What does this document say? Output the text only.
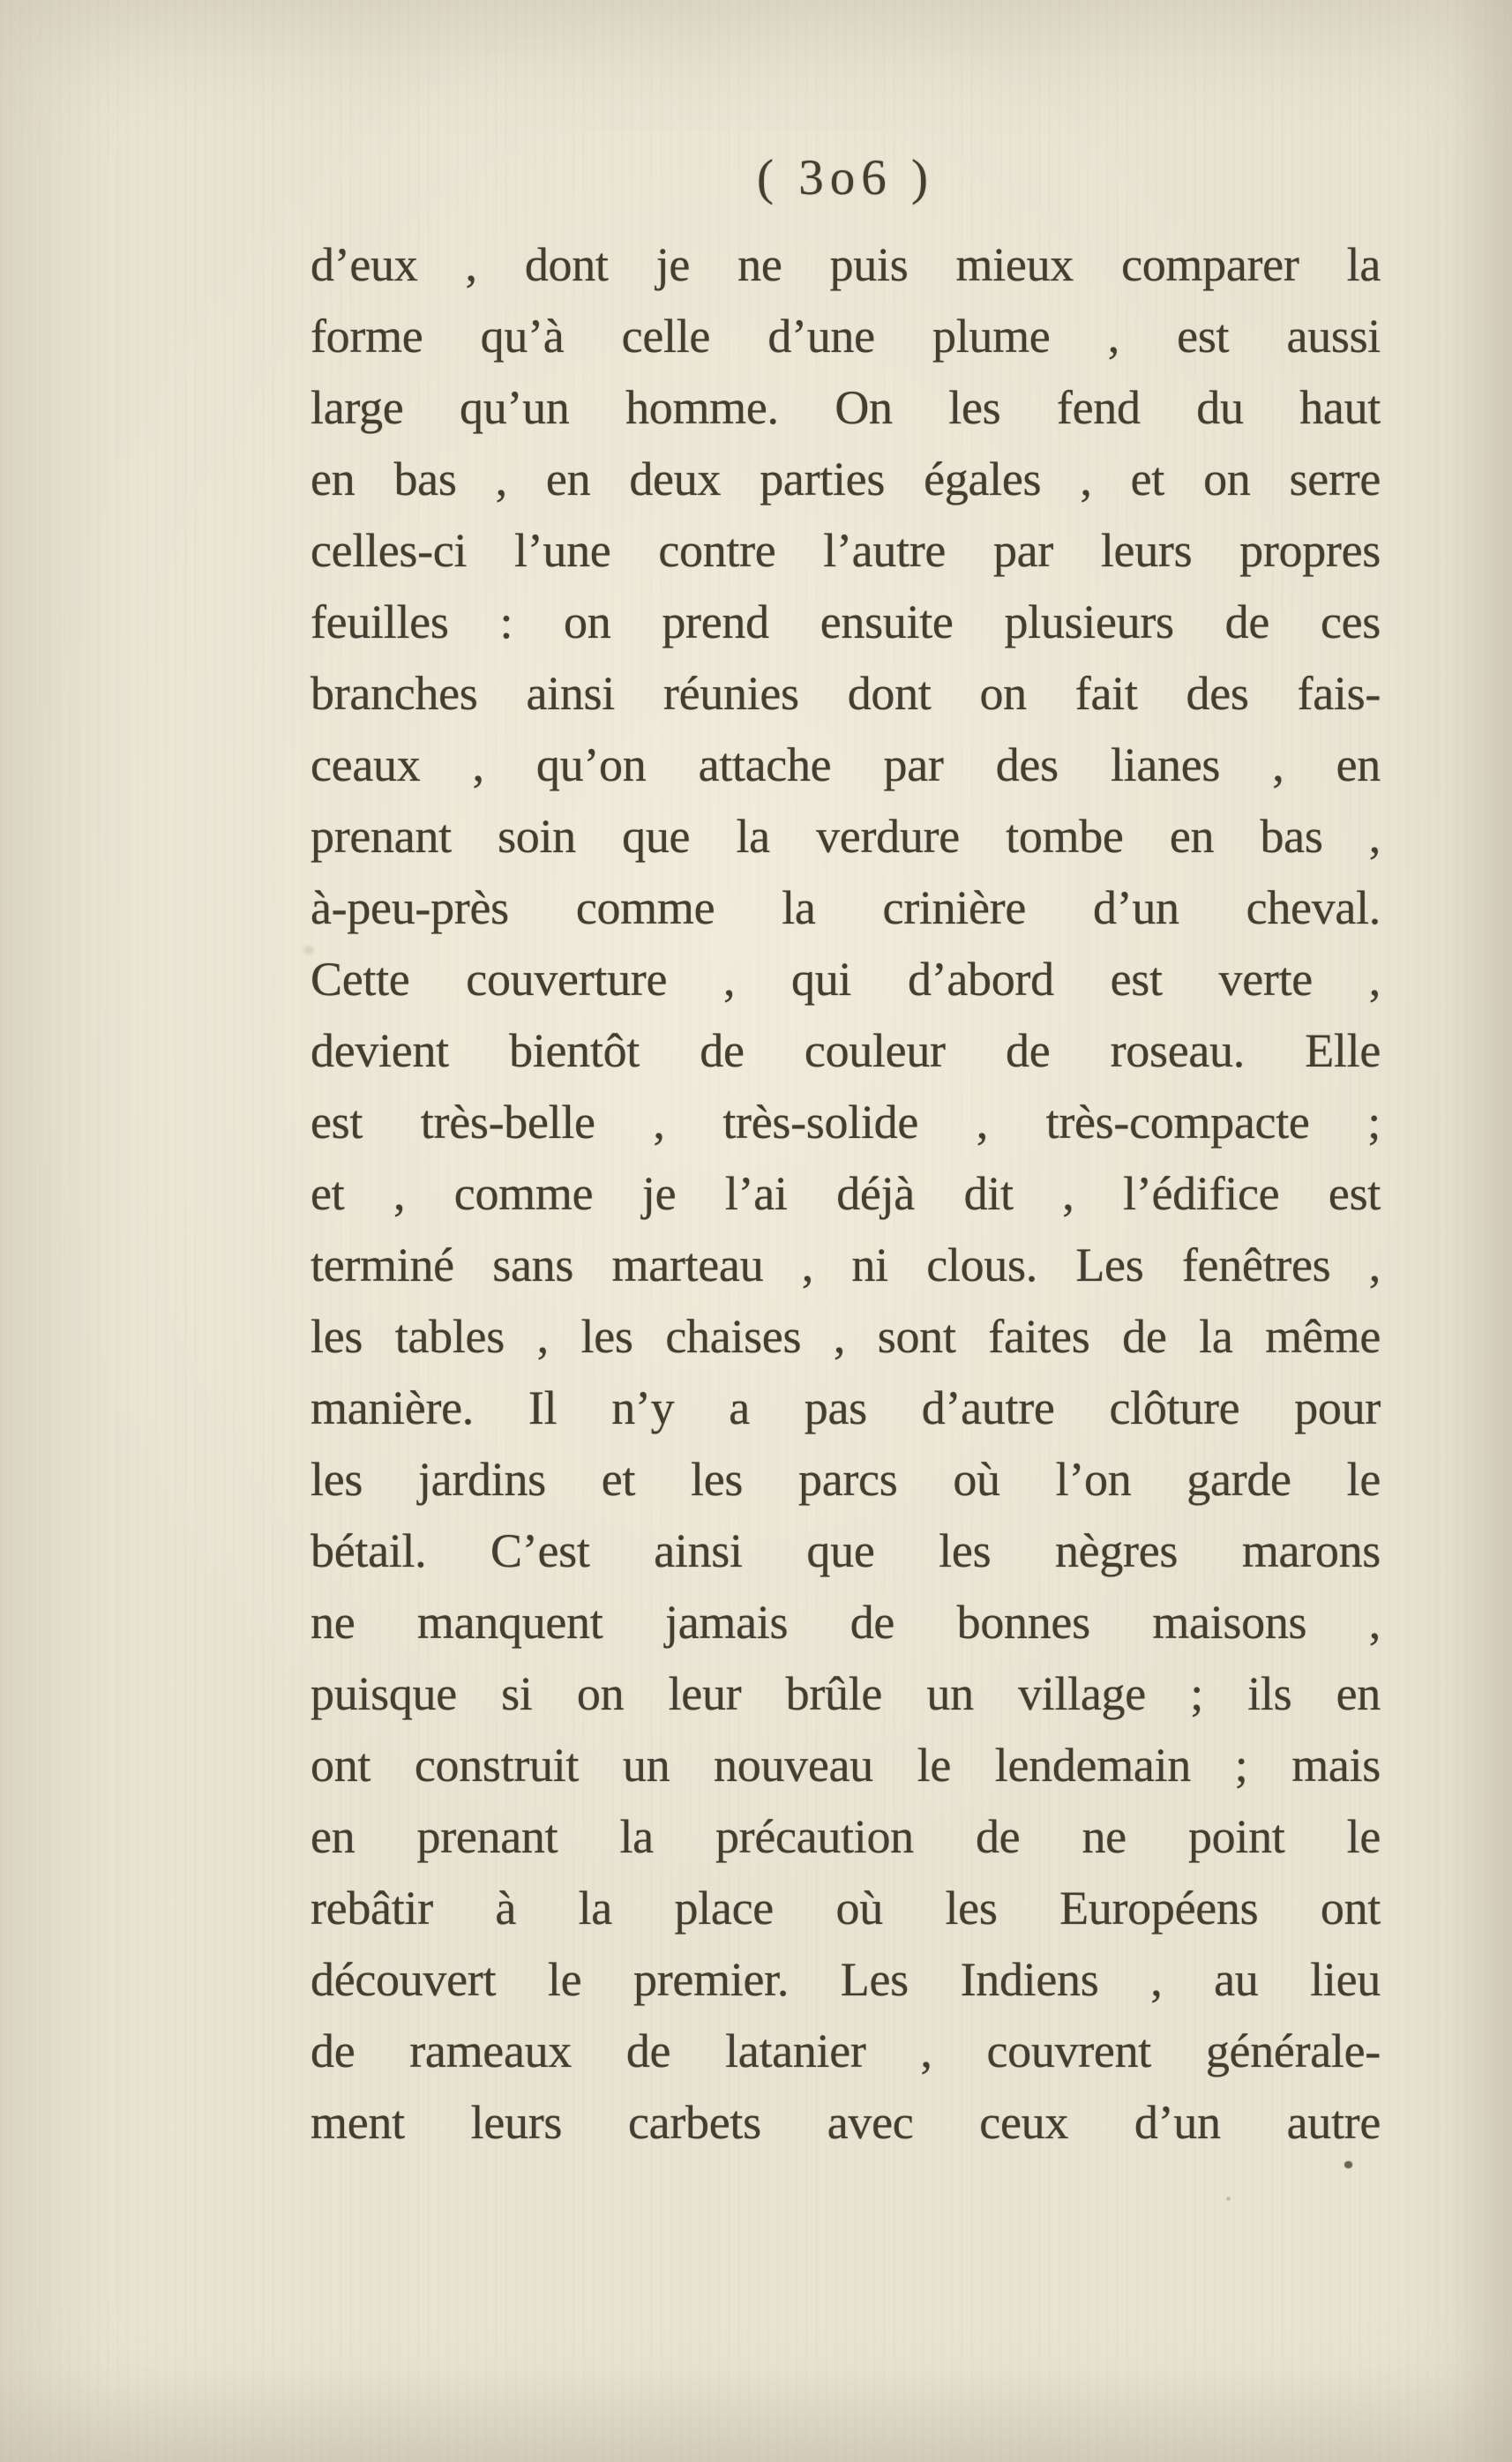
( 3o6 )
d’eux , dont je ne puis mieux comparer la
forme qu’à celle d’une plume , est aussi
large qu’un homme. On les fend du haut
en bas , en deux parties égales , et on serre
celles-ci l’une contre l’autre par leurs propres
feuilles : on prend ensuite plusieurs de ces
branches ainsi réunies dont on fait des fais-
ceaux , qu’on attache par des lianes , en
prenant soin que la verdure tombe en bas ,
à-peu-près comme la crinière d’un cheval.
Cette couverture , qui d’abord est verte ,
devient bientôt de couleur de roseau. Elle
est très-belle , très-solide , très-compacte ;
et , comme je l’ai déjà dit , l’édifice est
terminé sans marteau , ni clous. Les fenêtres ,
les tables , les chaises , sont faites de la même
manière. Il n’y a pas d’autre clôture pour
les jardins et les parcs où l’on garde le
bétail. C’est ainsi que les nègres marons
ne manquent jamais de bonnes maisons ,
puisque si on leur brûle un village ; ils en
ont construit un nouveau le lendemain ; mais
en prenant la précaution de ne point le
rebâtir à la place où les Européens ont
découvert le premier. Les Indiens , au lieu
de rameaux de latanier , couvrent générale-
ment leurs carbets avec ceux d’un autre
